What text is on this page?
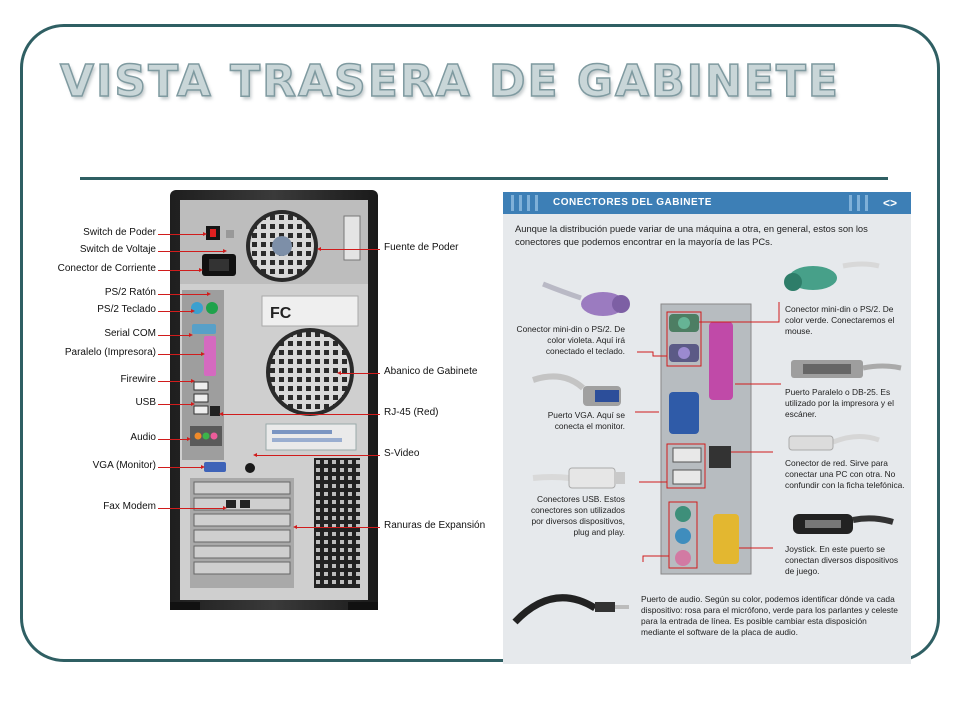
VISTA TRASERA DE GABINETE
FC
Switch de Poder
Switch de Voltaje
Conector de Corriente
PS/2 Ratón
PS/2 Teclado
Serial COM
Paralelo (Impresora)
Firewire
USB
Audio
VGA (Monitor)
Fax Modem
Fuente de Poder
Abanico de Gabinete
RJ-45 (Red)
S-Video
Ranuras de Expansión
CONECTORES DEL GABINETE	<>
Aunque la distribución puede variar de una máquina a otra, en general, estos son los conectores que podemos encontrar en la mayoría de las PCs.
Conector mini-din o PS/2. De color violeta. Aquí irá conectado el teclado.
Conector mini-din o PS/2. De color verde. Conectaremos el mouse.
Puerto Paralelo o DB-25. Es utilizado por la impresora y el escáner.
Puerto VGA. Aquí se conecta el monitor.
Conector de red. Sirve para conectar una PC con otra. No confundir con la ficha telefónica.
Conectores USB. Estos conectores son utilizados por diversos dispositivos, plug and play.
Joystick. En este puerto se conectan diversos dispositivos de juego.
Puerto de audio. Según su color, podemos identificar dónde va cada dispositivo: rosa para el micrófono, verde para los parlantes y celeste para la entrada de línea. Es posible cambiar esta disposición mediante el software de la placa de audio.
